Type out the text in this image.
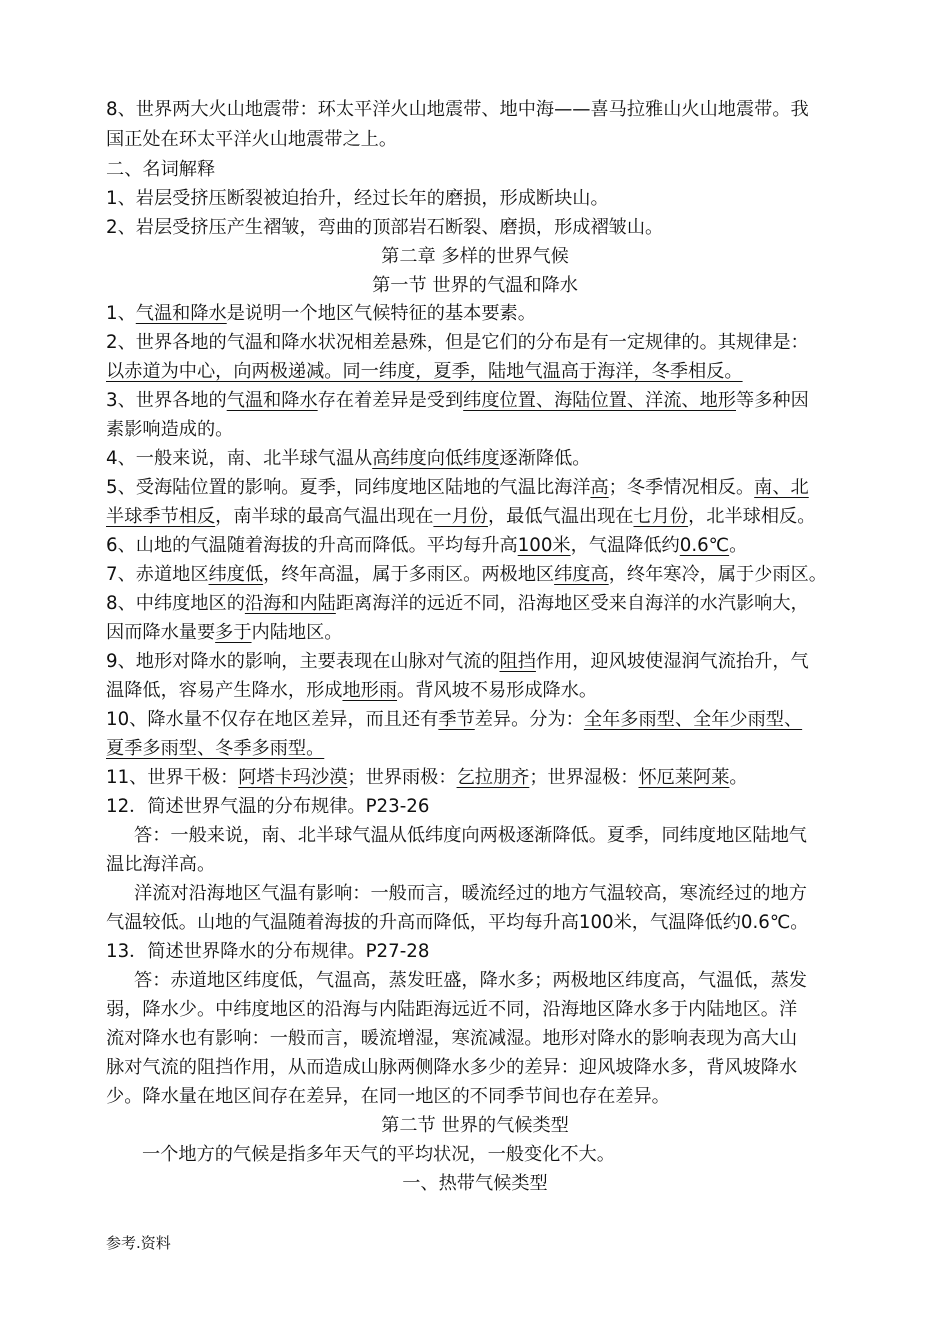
8、世界两大火山地震带：环太平洋火山地震带、地中海——喜马拉雅山火山地震带。我
国正处在环太平洋火山地震带之上。
二、名词解释
1、岩层受挤压断裂被迫抬升，经过长年的磨损，形成断块山。
2、岩层受挤压产生褶皱，弯曲的顶部岩石断裂、磨损，形成褶皱山。
第二章 多样的世界气候
第一节 世界的气温和降水
1、气温和降水是说明一个地区气候特征的基本要素。
2、世界各地的气温和降水状况相差悬殊，但是它们的分布是有一定规律的。其规律是：
以赤道为中心，向两极递减。同一纬度，夏季，陆地气温高于海洋，冬季相反。
3、世界各地的气温和降水存在着差异是受到纬度位置、海陆位置、洋流、地形等多种因
素影响造成的。
4、一般来说，南、北半球气温从高纬度向低纬度逐渐降低。
5、受海陆位置的影响。夏季，同纬度地区陆地的气温比海洋高；冬季情况相反。南、北
半球季节相反，南半球的最高气温出现在一月份，最低气温出现在七月份，北半球相反。
6、山地的气温随着海拔的升高而降低。平均每升高100米，气温降低约0.6℃。
7、赤道地区纬度低，终年高温，属于多雨区。两极地区纬度高，终年寒冷，属于少雨区。
8、中纬度地区的沿海和内陆距离海洋的远近不同，沿海地区受来自海洋的水汽影响大，
因而降水量要多于内陆地区。
9、地形对降水的影响，主要表现在山脉对气流的阻挡作用，迎风坡使湿润气流抬升，气
温降低，容易产生降水，形成地形雨。背风坡不易形成降水。
10、降水量不仅存在地区差异，而且还有季节差异。分为：全年多雨型、全年少雨型、
夏季多雨型、冬季多雨型。
11、世界干极：阿塔卡玛沙漠；世界雨极：乞拉朋齐；世界湿极：怀厄莱阿莱。
12．简述世界气温的分布规律。P23-26
答：一般来说，南、北半球气温从低纬度向两极逐渐降低。夏季，同纬度地区陆地气
温比海洋高。
洋流对沿海地区气温有影响：一般而言，暖流经过的地方气温较高，寒流经过的地方
气温较低。山地的气温随着海拔的升高而降低，平均每升高100米，气温降低约0.6℃。
13．简述世界降水的分布规律。P27-28
答：赤道地区纬度低，气温高，蒸发旺盛，降水多；两极地区纬度高，气温低，蒸发
弱，降水少。中纬度地区的沿海与内陆距海远近不同，沿海地区降水多于内陆地区。洋
流对降水也有影响：一般而言，暖流增湿，寒流减湿。地形对降水的影响表现为高大山
脉对气流的阻挡作用，从而造成山脉两侧降水多少的差异：迎风坡降水多，背风坡降水
少。降水量在地区间存在差异，在同一地区的不同季节间也存在差异。
第二节 世界的气候类型
一个地方的气候是指多年天气的平均状况，一般变化不大。
一、热带气候类型
参考.资料
